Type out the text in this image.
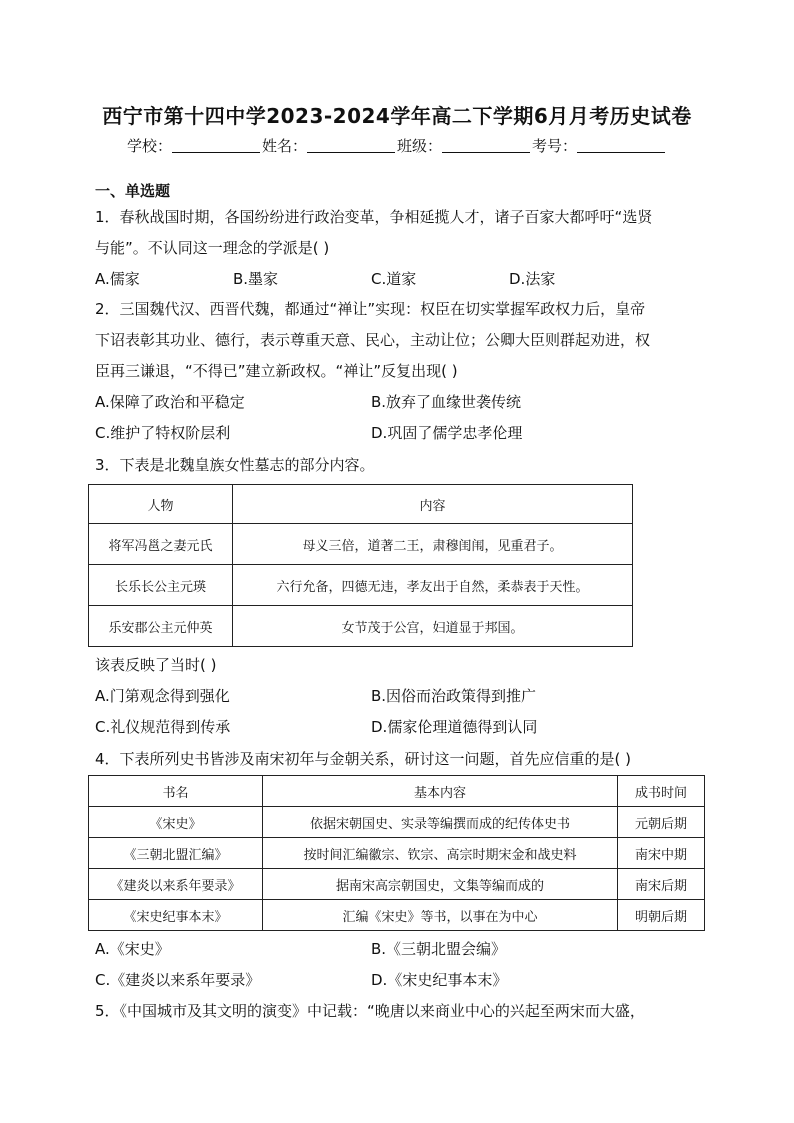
西宁市第十四中学2023-2024学年高二下学期6月月考历史试卷
学校：	姓名：	班级：	考号：
一、单选题
1．春秋战国时期，各国纷纷进行政治变革，争相延揽人才，诸子百家大都呼吁“选贤
与能”。不认同这一理念的学派是( )
A.儒家	B.墨家	C.道家	D.法家
2．三国魏代汉、西晋代魏，都通过“禅让”实现：权臣在切实掌握军政权力后，皇帝
下诏表彰其功业、德行，表示尊重天意、民心，主动让位；公卿大臣则群起劝进，权
臣再三谦退，“不得已”建立新政权。“禅让”反复出现( )
A.保障了政治和平稳定	B.放弃了血缘世袭传统
C.维护了特权阶层利	D.巩固了儒学忠孝伦理
3．下表是北魏皇族女性墓志的部分内容。
人物	内容
将军冯邕之妻元氏	母义三倍，道著二王，肃穆闺闱，见重君子。
长乐长公主元瑛	六行允备，四德无违，孝友出于自然，柔恭表于天性。
乐安郡公主元仲英	女节茂于公宫，妇道显于邦国。
该表反映了当时( )
A.门第观念得到强化	B.因俗而治政策得到推广
C.礼仪规范得到传承	D.儒家伦理道德得到认同
4．下表所列史书皆涉及南宋初年与金朝关系，研讨这一问题，首先应信重的是( )
书名	基本内容	成书时间
《宋史》	依据宋朝国史、实录等编撰而成的纪传体史书	元朝后期
《三朝北盟汇编》	按时间汇编徽宗、钦宗、高宗时期宋金和战史料	南宋中期
《建炎以来系年要录》	据南宋高宗朝国史，文集等编而成的	南宋后期
《宋史纪事本末》	汇编《宋史》等书，以事在为中心	明朝后期
A.《宋史》	B.《三朝北盟会编》
C.《建炎以来系年要录》	D.《宋史纪事本末》
5．《中国城市及其文明的演变》中记载：“晚唐以来商业中心的兴起至两宋而大盛，
